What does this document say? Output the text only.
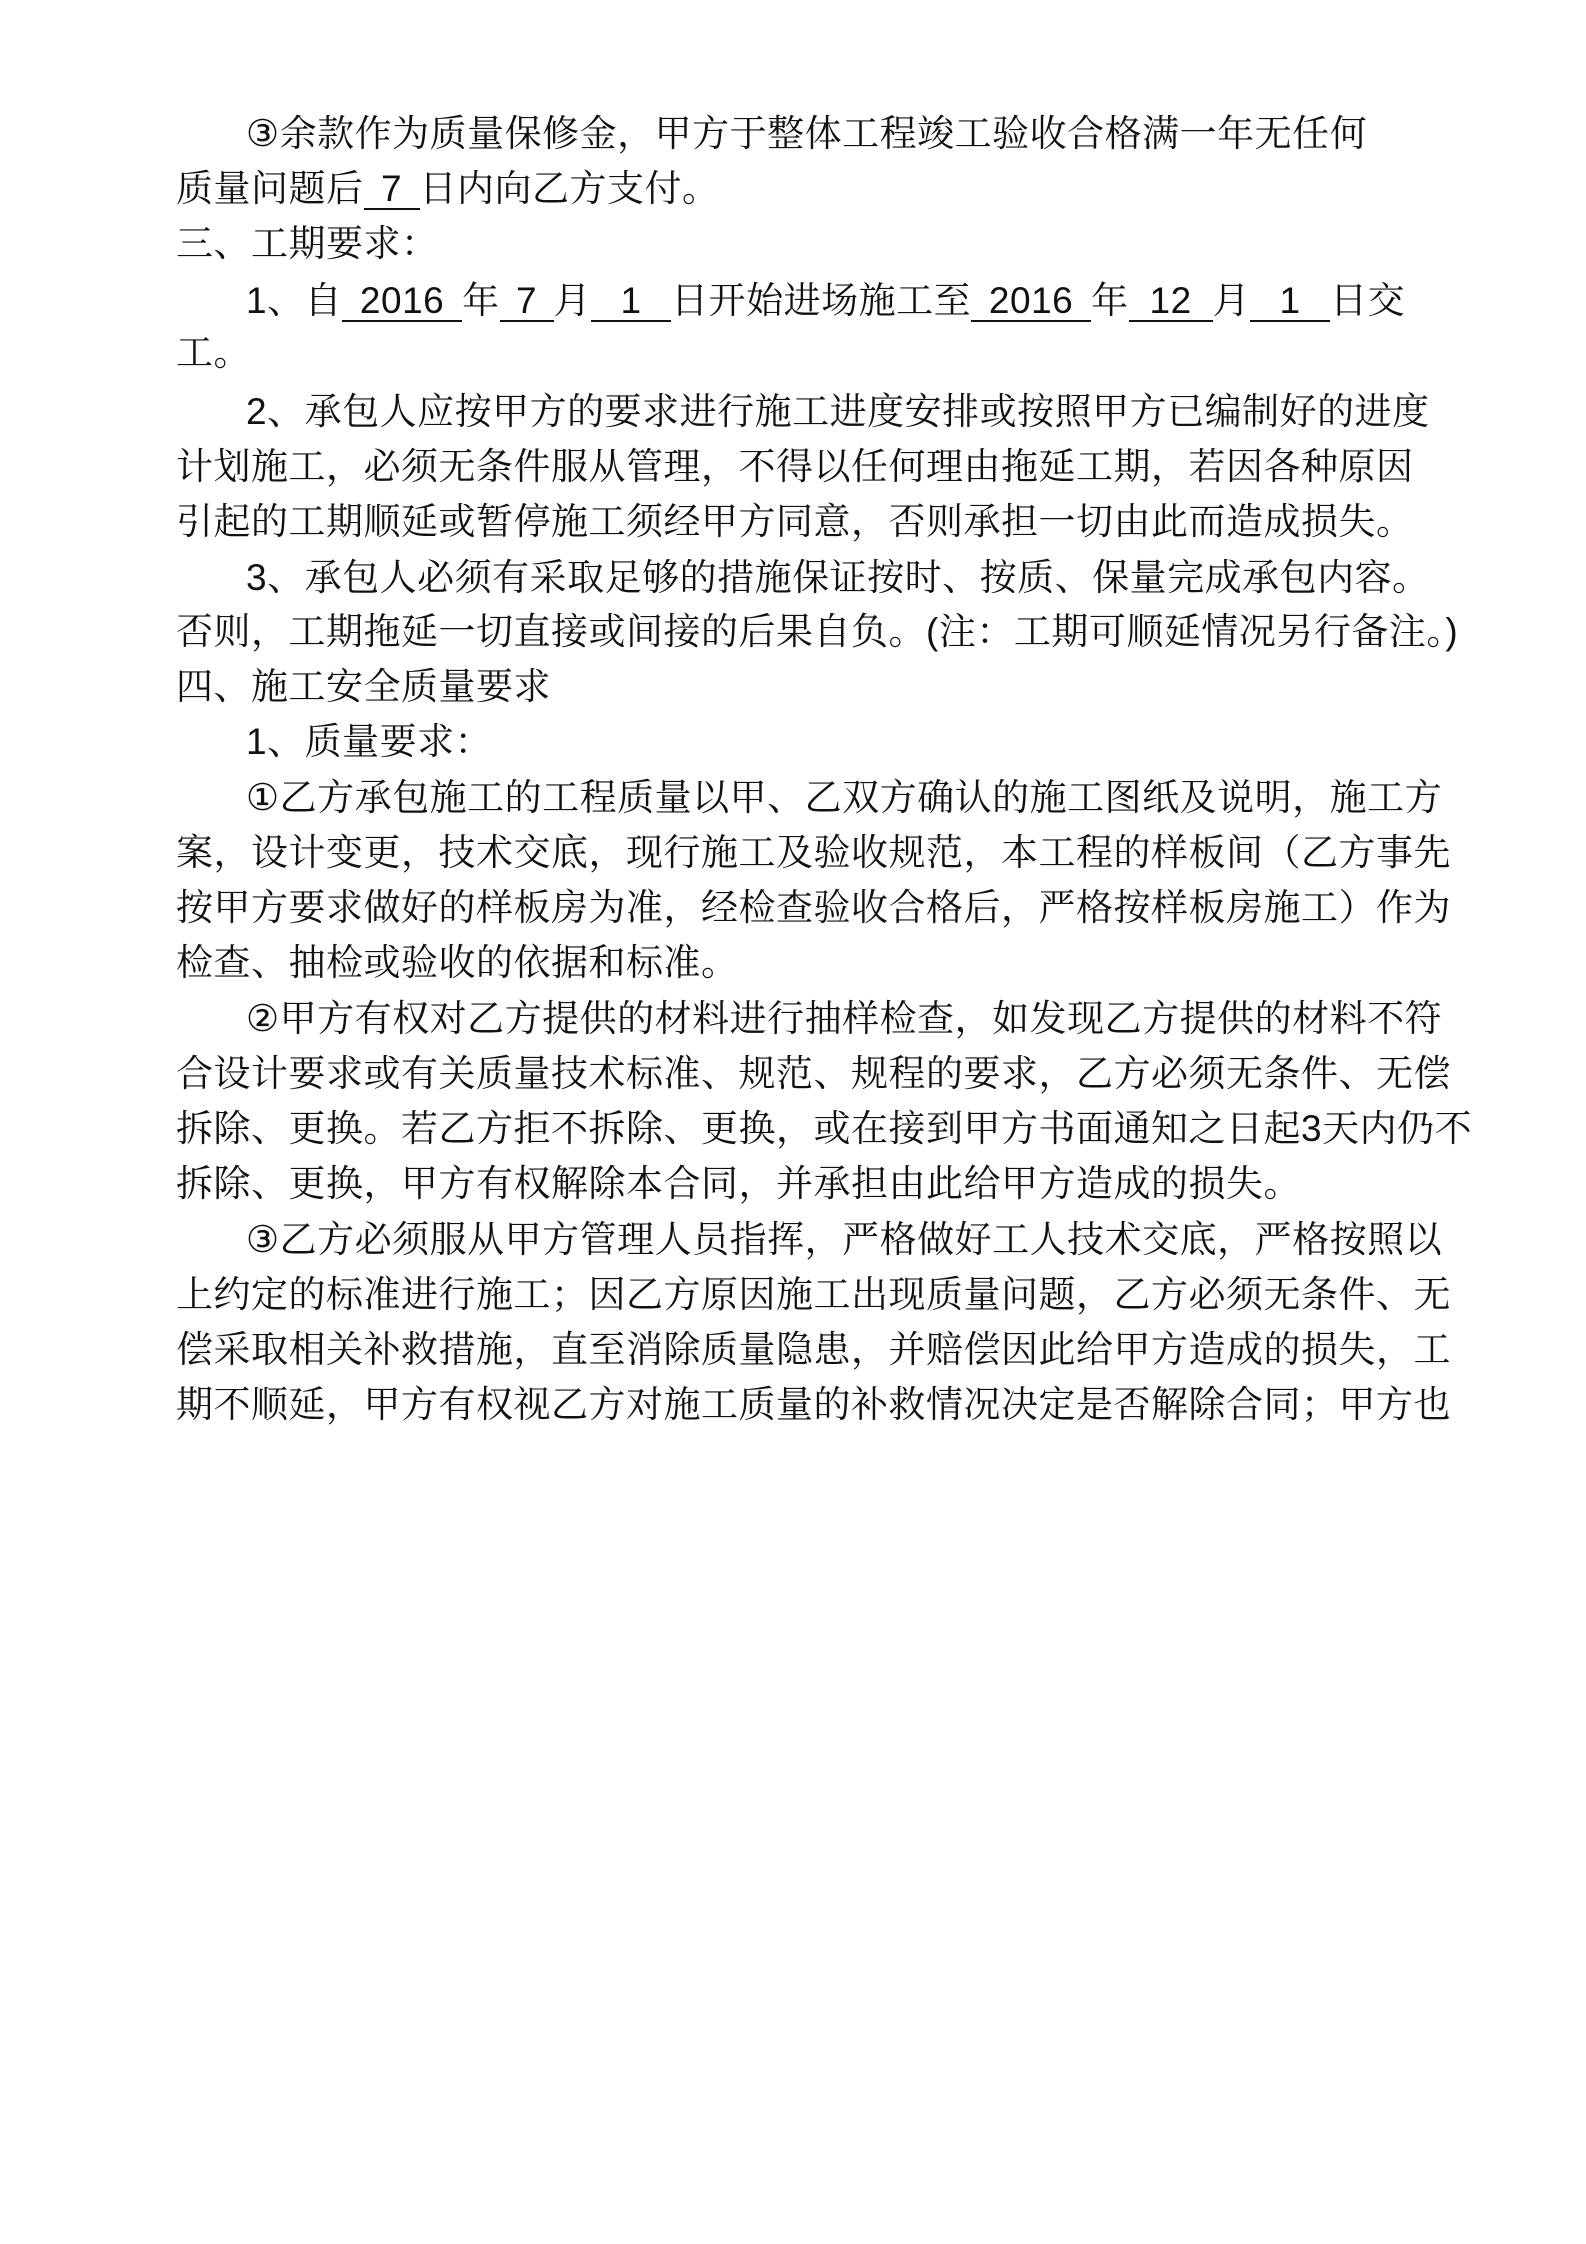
③余款作为质量保修金，甲方于整体工程竣工验收合格满一年无任何
质量问题后 7 日内向乙方支付。
三、工期要求：
1、自 2016 年 7 月 1 日开始进场施工至 2016 年 12 月 1 日交
工。
2、承包人应按甲方的要求进行施工进度安排或按照甲方已编制好的进度
计划施工，必须无条件服从管理，不得以任何理由拖延工期，若因各种原因
引起的工期顺延或暂停施工须经甲方同意，否则承担一切由此而造成损失。
3、承包人必须有采取足够的措施保证按时、按质、保量完成承包内容。
否则，工期拖延一切直接或间接的后果自负。(注：工期可顺延情况另行备注。)
四、施工安全质量要求
1、质量要求：
①乙方承包施工的工程质量以甲、乙双方确认的施工图纸及说明，施工方
案，设计变更，技术交底，现行施工及验收规范，本工程的样板间（乙方事先
按甲方要求做好的样板房为准，经检查验收合格后，严格按样板房施工）作为
检查、抽检或验收的依据和标准。
②甲方有权对乙方提供的材料进行抽样检查，如发现乙方提供的材料不符
合设计要求或有关质量技术标准、规范、规程的要求，乙方必须无条件、无偿
拆除、更换。若乙方拒不拆除、更换，或在接到甲方书面通知之日起3天内仍不
拆除、更换，甲方有权解除本合同，并承担由此给甲方造成的损失。
③乙方必须服从甲方管理人员指挥，严格做好工人技术交底，严格按照以
上约定的标准进行施工；因乙方原因施工出现质量问题，乙方必须无条件、无
偿采取相关补救措施，直至消除质量隐患，并赔偿因此给甲方造成的损失，工
期不顺延，甲方有权视乙方对施工质量的补救情况决定是否解除合同；甲方也
